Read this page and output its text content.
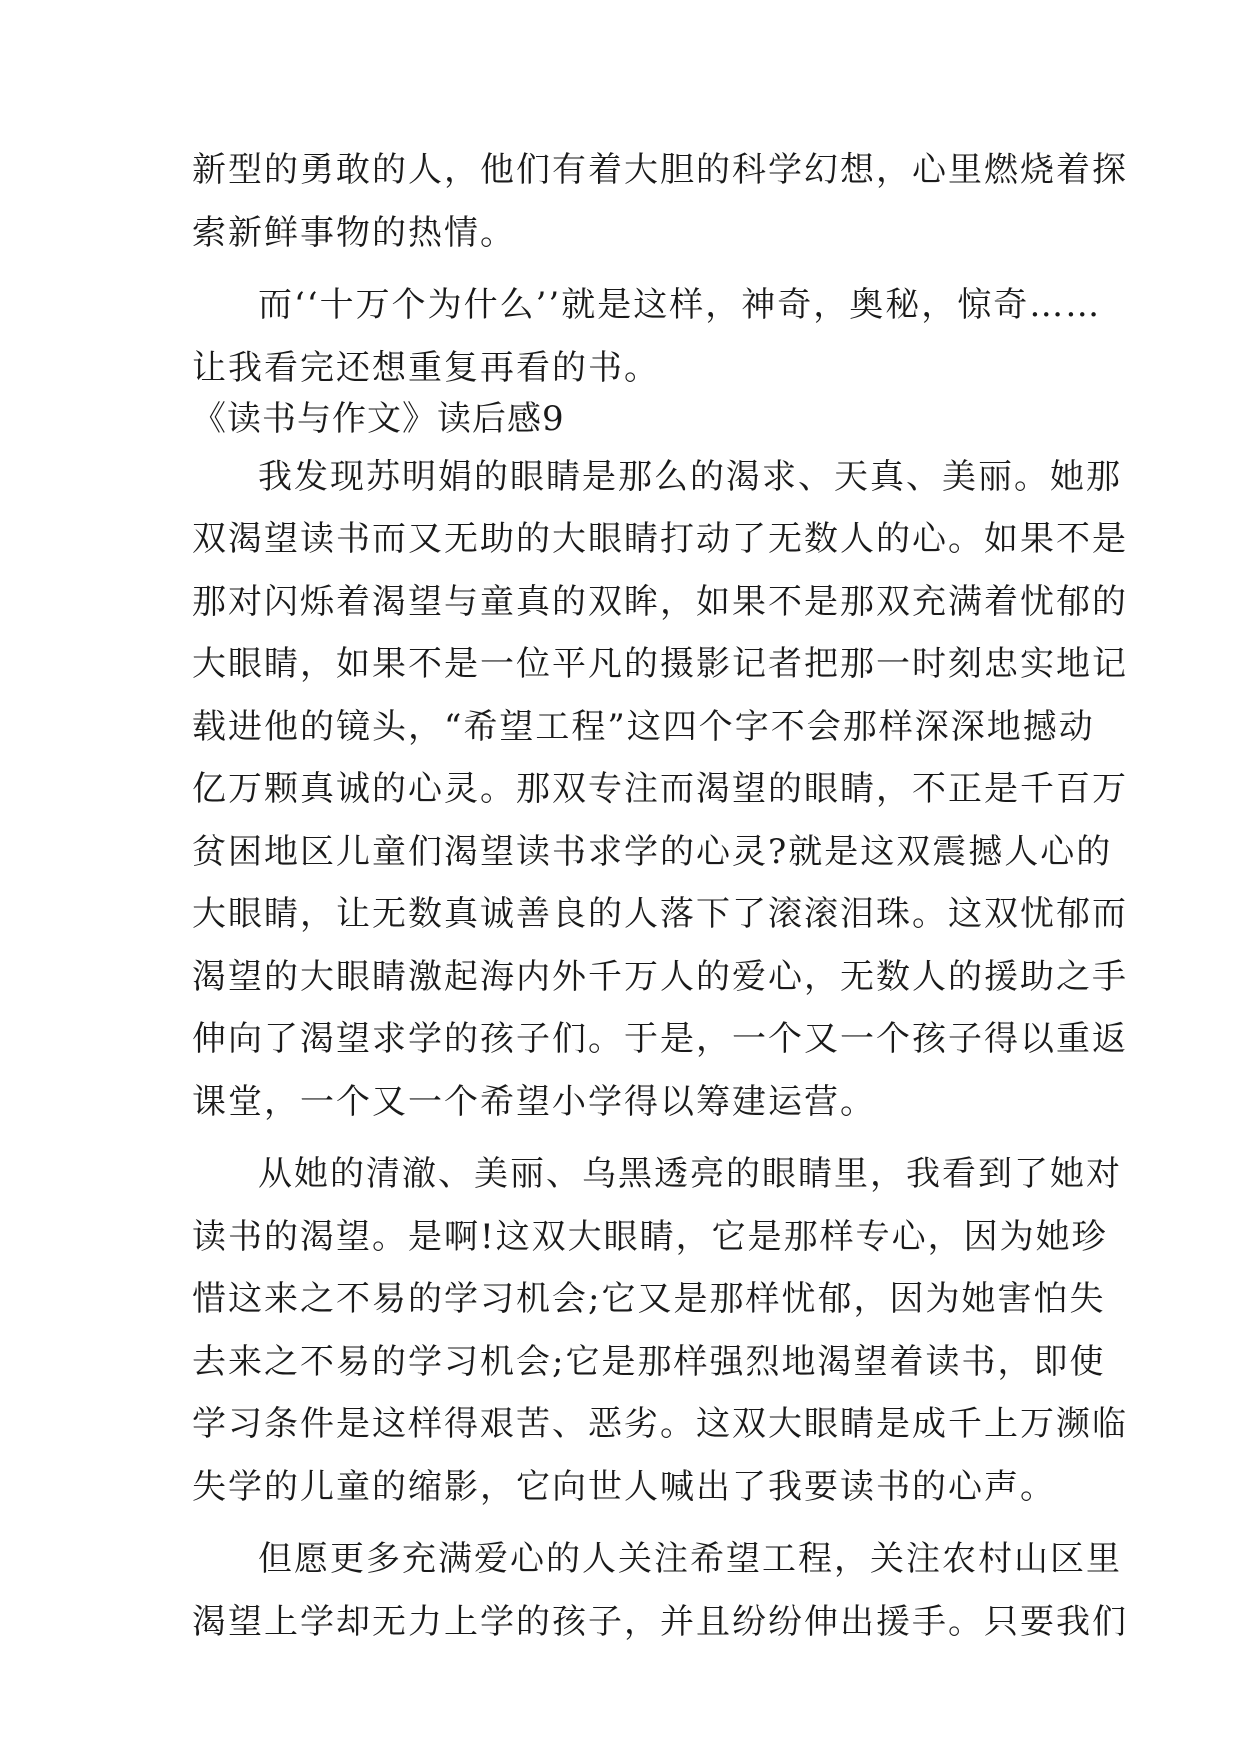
新型的勇敢的人，他们有着大胆的科学幻想，心里燃烧着探
索新鲜事物的热情。
而‘‘十万个为什么’’就是这样，神奇，奥秘，惊奇……
让我看完还想重复再看的书。
《读书与作文》读后感9
我发现苏明娟的眼睛是那么的渴求、天真、美丽。她那
双渴望读书而又无助的大眼睛打动了无数人的心。如果不是
那对闪烁着渴望与童真的双眸，如果不是那双充满着忧郁的
大眼睛，如果不是一位平凡的摄影记者把那一时刻忠实地记
载进他的镜头，“希望工程”这四个字不会那样深深地撼动
亿万颗真诚的心灵。那双专注而渴望的眼睛，不正是千百万
贫困地区儿童们渴望读书求学的心灵?就是这双震撼人心的
大眼睛，让无数真诚善良的人落下了滚滚泪珠。这双忧郁而
渴望的大眼睛激起海内外千万人的爱心，无数人的援助之手
伸向了渴望求学的孩子们。于是，一个又一个孩子得以重返
课堂，一个又一个希望小学得以筹建运营。
从她的清澈、美丽、乌黑透亮的眼睛里，我看到了她对
读书的渴望。是啊!这双大眼睛，它是那样专心，因为她珍
惜这来之不易的学习机会;它又是那样忧郁，因为她害怕失
去来之不易的学习机会;它是那样强烈地渴望着读书，即使
学习条件是这样得艰苦、恶劣。这双大眼睛是成千上万濒临
失学的儿童的缩影，它向世人喊出了我要读书的心声。
但愿更多充满爱心的人关注希望工程，关注农村山区里
渴望上学却无力上学的孩子，并且纷纷伸出援手。只要我们
